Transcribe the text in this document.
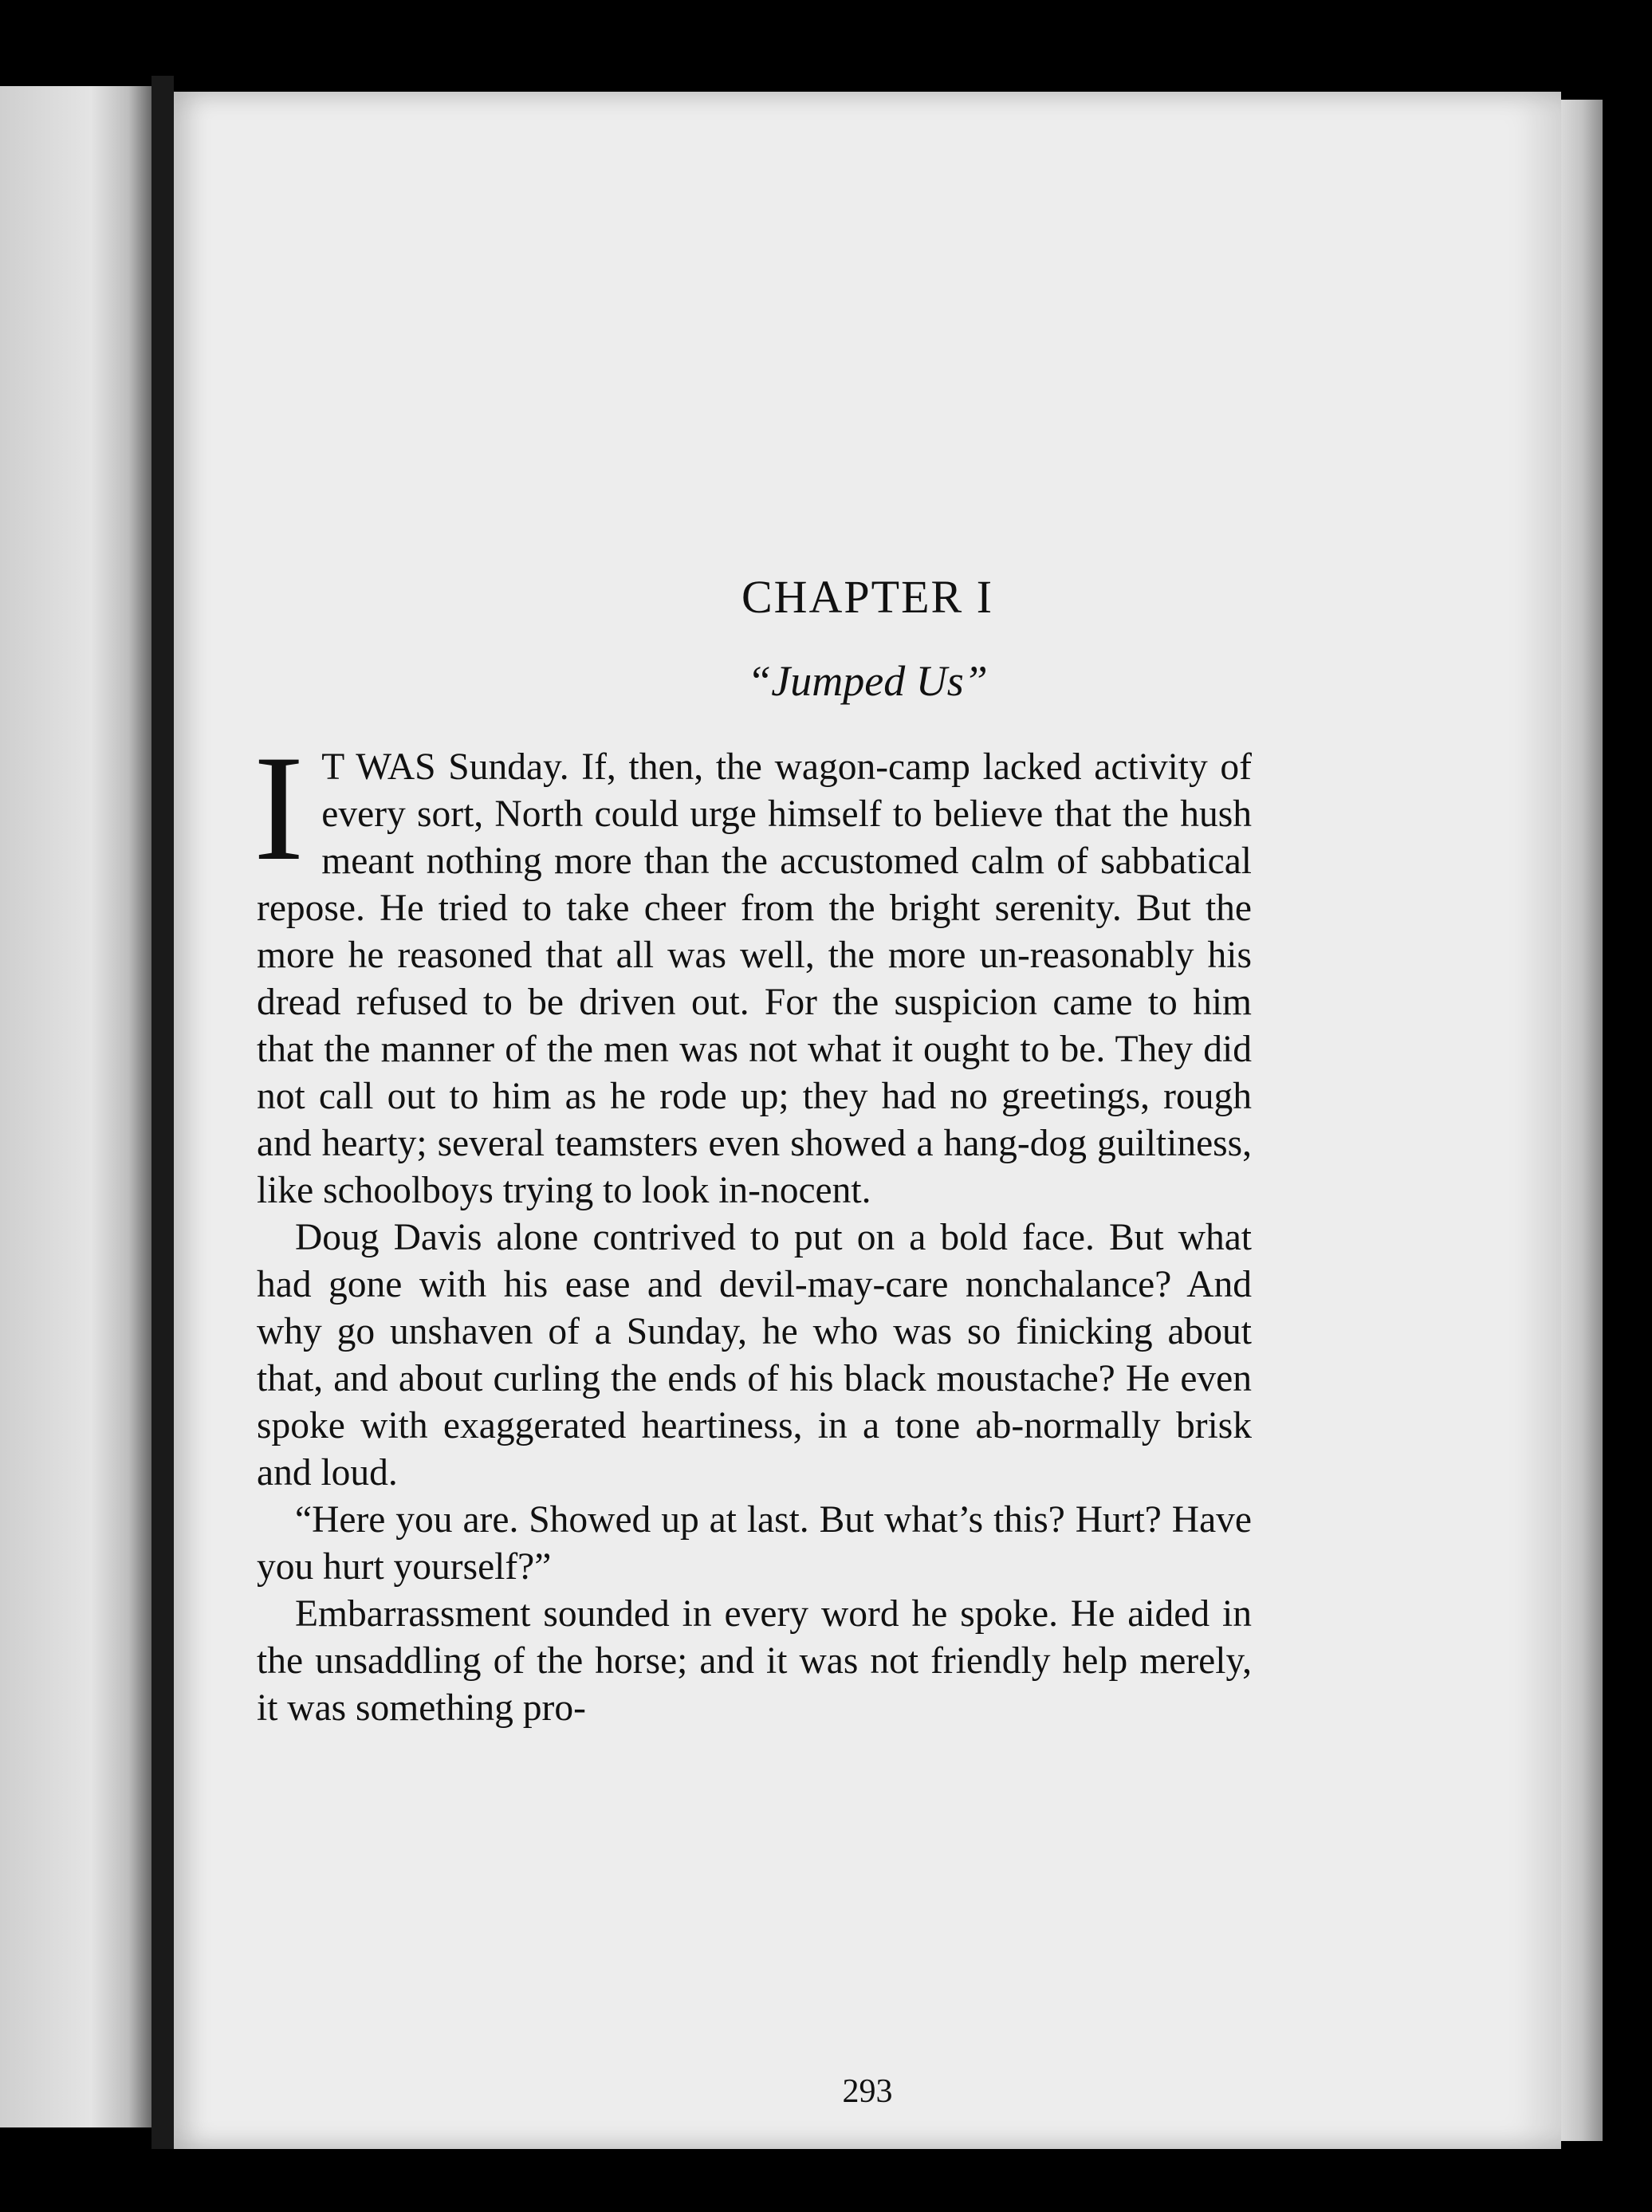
CHAPTER I
“Jumped Us”

I T WAS Sunday. If, then, the wagon-camp lacked activity of every sort, North could urge himself to believe that the hush meant nothing more than the accustomed calm of sabbatical repose. He tried to take cheer from the bright serenity. But the more he reasoned that all was well, the more un-reasonably his dread refused to be driven out. For the suspicion came to him that the manner of the men was not what it ought to be. They did not call out to him as he rode up; they had no greetings, rough and hearty; several teamsters even showed a hang-dog guiltiness, like schoolboys trying to look in-nocent.

Doug Davis alone contrived to put on a bold face. But what had gone with his ease and devil-may-care nonchalance? And why go unshaven of a Sunday, he who was so finicking about that, and about curling the ends of his black moustache? He even spoke with exaggerated heartiness, in a tone ab-normally brisk and loud.

“Here you are. Showed up at last. But what’s this? Hurt? Have you hurt yourself?”

Embarrassment sounded in every word he spoke. He aided in the unsaddling of the horse; and it was not friendly help merely, it was something pro-

293
